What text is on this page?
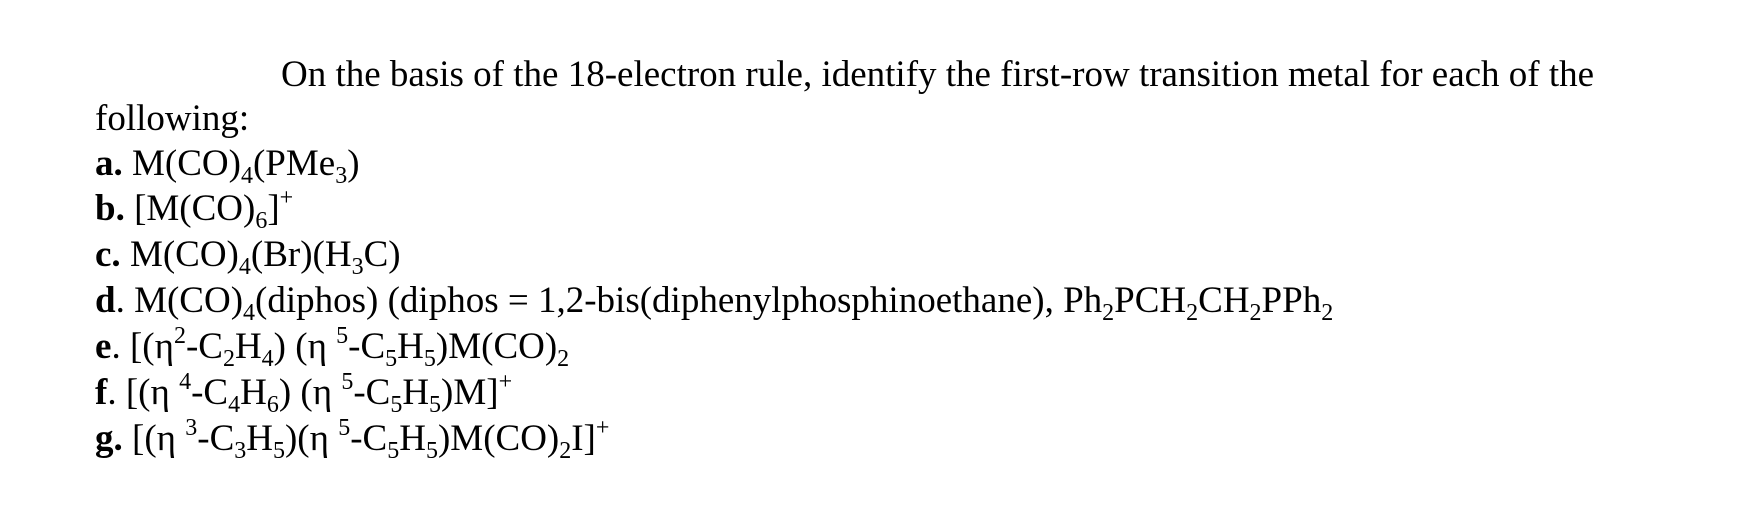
On the basis of the 18-electron rule, identify the first-row transition metal for each of the
following:
a. $M(CO)_4(PMe_3)$
b. $[M(CO)_6]^+$
c. $M(CO)_4(Br)(H_3C)$
d. $M(CO)_4(diphos)$ (diphos = 1,2-bis(diphenylphosphinoethane), $Ph_2PCH_2CH_2PPh_2$
e. [$(\eta^2-C_2H_4)$ (η $^5-C_5H_5)M(CO)_2$
f. [(η $^4-C_4H_6$) (η $^5-C_5H_5)M]^+$
g. [(η $^3-C_3H_5)(\eta$ $^5-C_5H_5)M(CO)_2I]^+$
